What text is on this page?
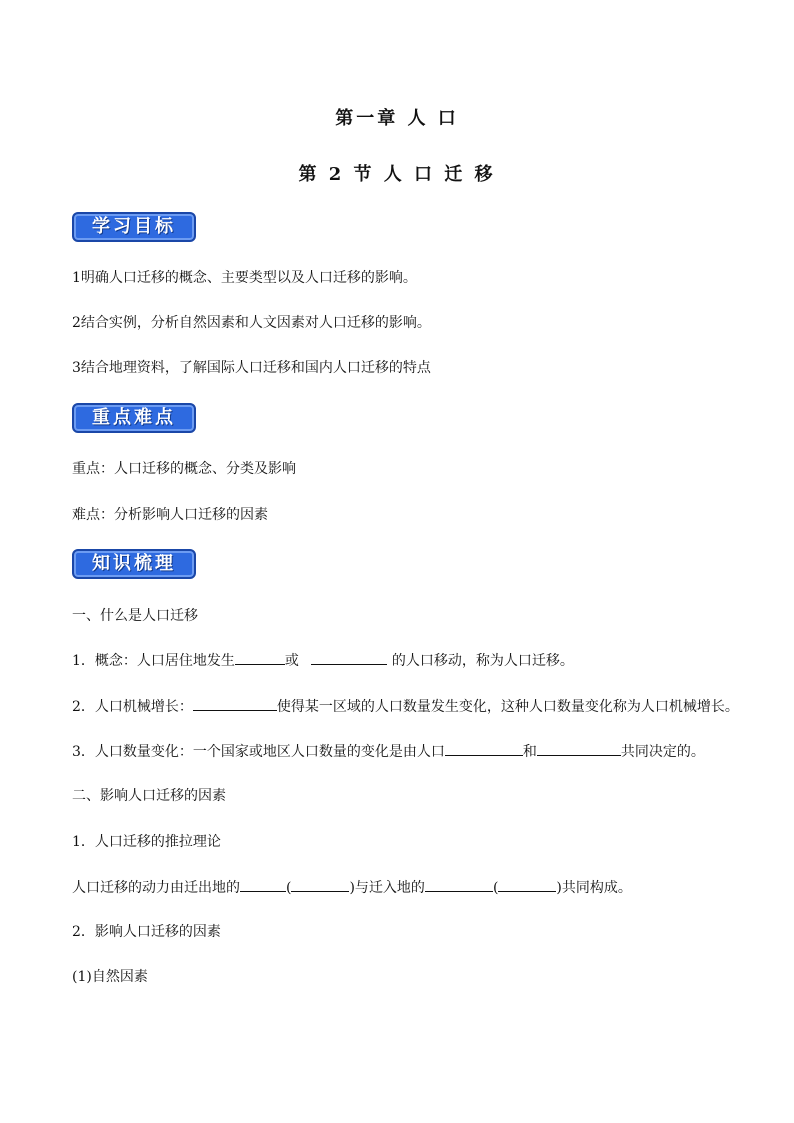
第一章 人 口
第 2 节 人 口 迁 移
学习目标
1明确人口迁移的概念、主要类型以及人口迁移的影响。
2结合实例，分析自然因素和人文因素对人口迁移的影响。
3结合地理资料，了解国际人口迁移和国内人口迁移的特点
重点难点
重点：人口迁移的概念、分类及影响
难点：分析影响人口迁移的因素
知识梳理
一、什么是人口迁移
1．概念：人口居住地发生	或	的人口移动，称为人口迁移。
2．人口机械增长：	使得某一区域的人口数量发生变化，这种人口数量变化称为人口机械增长。
3．人口数量变化：一个国家或地区人口数量的变化是由人口	和	共同决定的。
二、影响人口迁移的因素
1．人口迁移的推拉理论
人口迁移的动力由迁出地的	(	)与迁入地的	(	)共同构成。
2．影响人口迁移的因素
(1)自然因素
